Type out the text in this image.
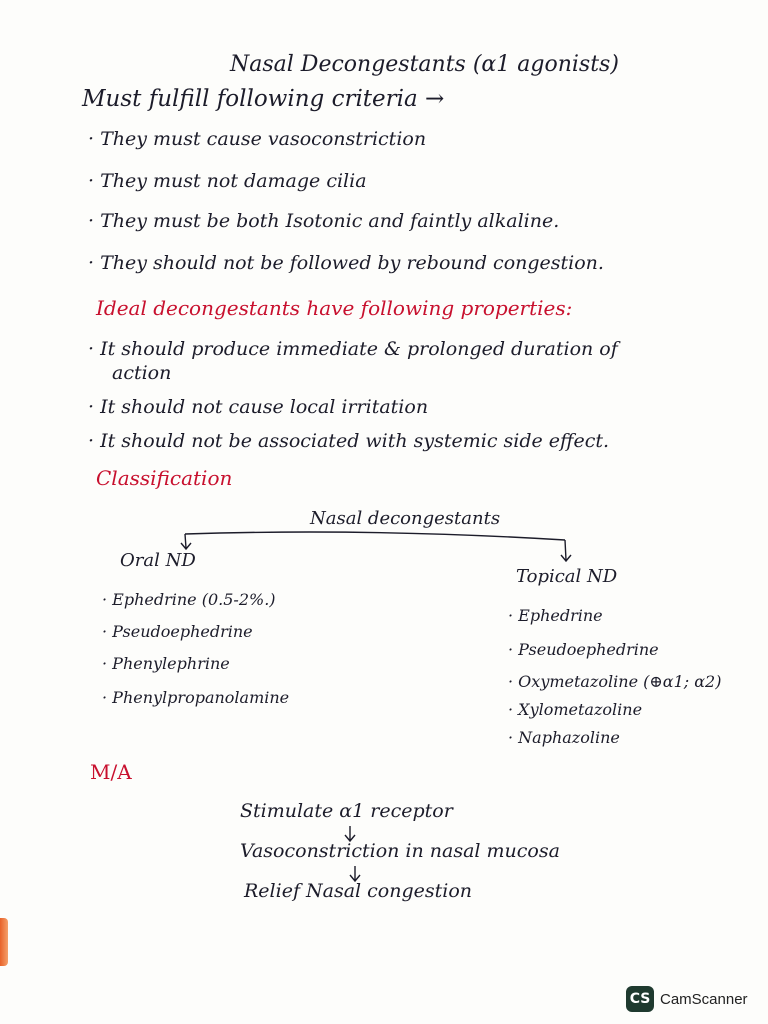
Nasal Decongestants (α1 agonists)
Must fulfill following criteria →
· They must cause vasoconstriction
· They must not damage cilia
· They must be both Isotonic and faintly alkaline.
· They should not be followed by rebound congestion.
Ideal decongestants have following properties:
· It should produce immediate & prolonged duration of
action
· It should not cause local irritation
· It should not be associated with systemic side effect.
Classification
Nasal decongestants
Oral ND
· Ephedrine (0.5-2%.)
· Pseudoephedrine
· Phenylephrine
· Phenylpropanolamine
Topical ND
· Ephedrine
· Pseudoephedrine
· Oxymetazoline (⊕α1; α2)
· Xylometazoline
· Naphazoline
M/A
Stimulate α1 receptor
Vasoconstriction in nasal mucosa
Relief Nasal congestion
CS CamScanner
